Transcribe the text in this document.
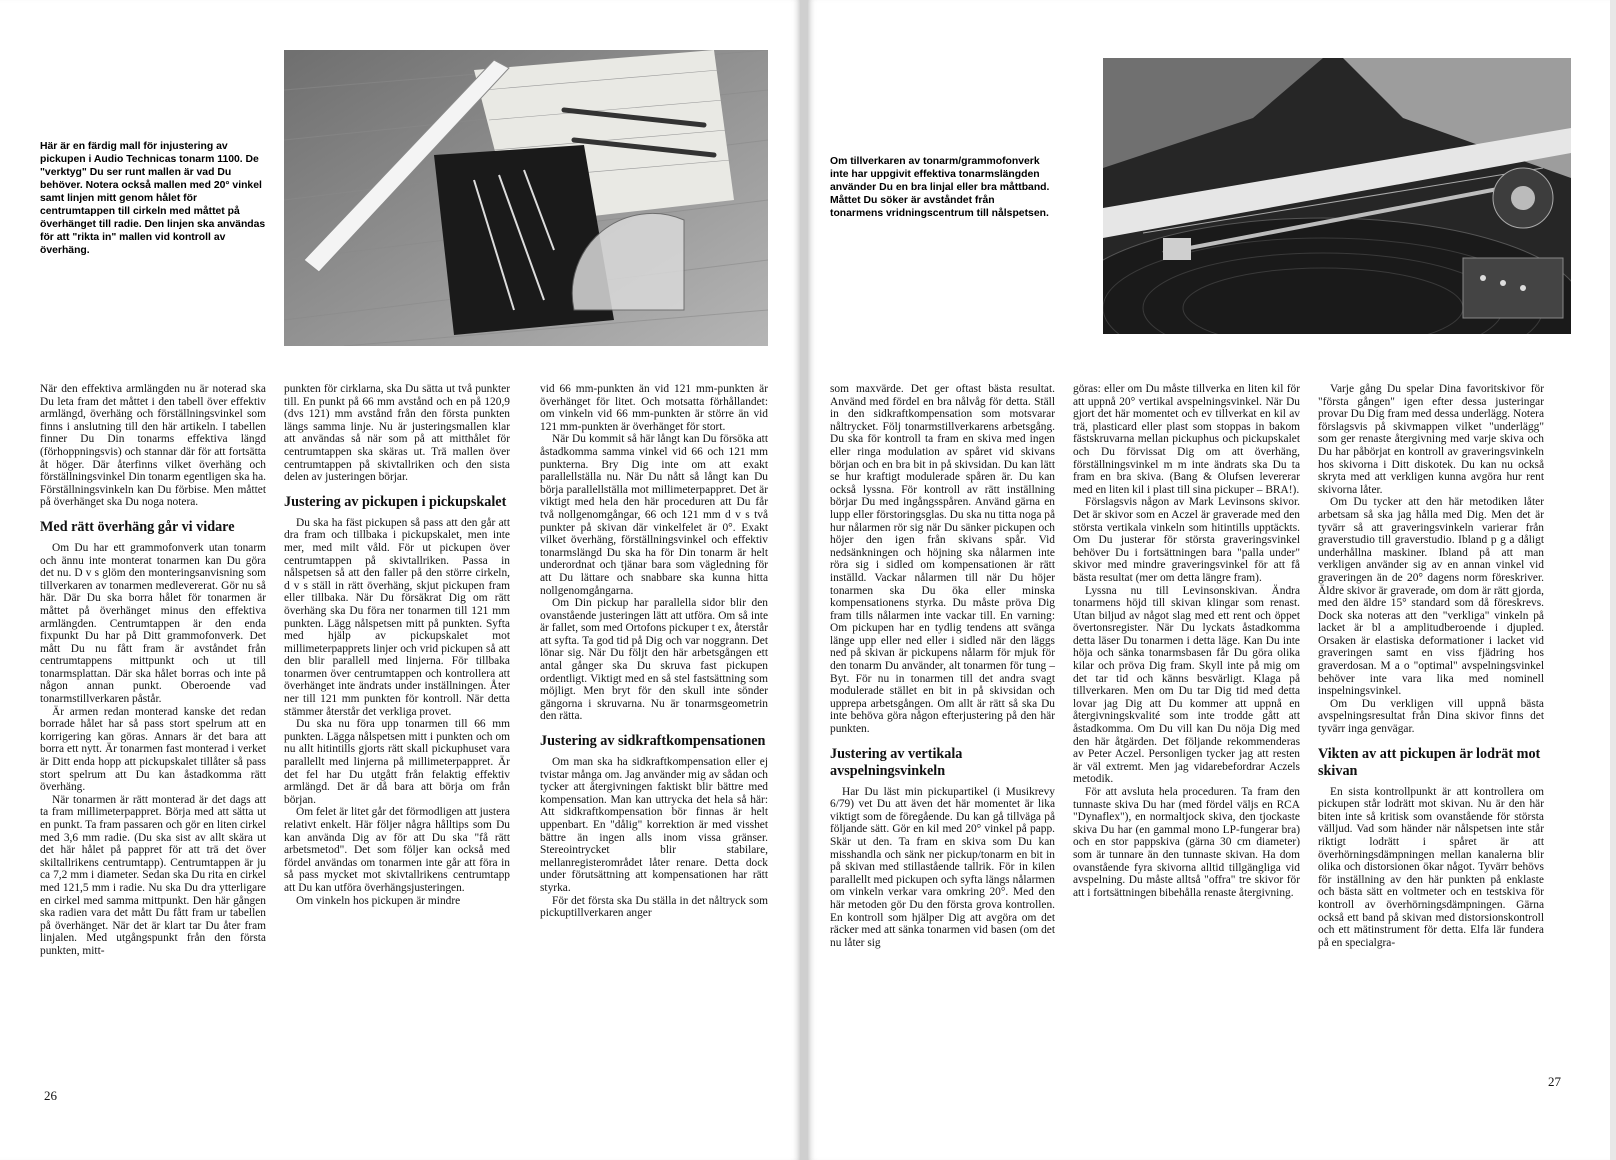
Här är en färdig mall för injustering av pickupen i Audio Technicas tonarm 1100. De "verktyg" Du ser runt mallen är vad Du behöver. Notera också mallen med 20° vinkel samt linjen mitt genom hålet för centrumtappen till cirkeln med måttet på överhänget till radie. Den linjen ska användas för att "rikta in" mallen vid kontroll av överhäng.

När den effektiva armlängden nu är noterad ska Du leta fram det måttet i den tabell över effektiv armlängd, överhäng och förställningsvinkel som finns i anslutning till den här artikeln. I tabellen finner Du Din tonarms effektiva längd (förhoppningsvis) och stannar där för att fortsätta åt höger. Där återfinns vilket överhäng och förställningsvinkel Din tonarm egentligen ska ha. Förställningsvinkeln kan Du förbise. Men måttet på överhänget ska Du noga notera.

Med rätt överhäng går vi vidare

Om Du har ett grammofonverk utan tonarm och ännu inte monterat tonarmen kan Du göra det nu. D v s glöm den monteringsanvisning som tillverkaren av tonarmen medlevererat. Gör nu så här. Där Du ska borra hålet för tonarmen är måttet på överhänget minus den effektiva armlängden. Centrumtappen är den enda fixpunkt Du har på Ditt grammofonverk. Det mått Du nu fått fram är avståndet från centrumtappens mittpunkt och ut till tonarmsplattan. Där ska hålet borras och inte på någon annan punkt. Oberoende vad tonarmstillverkaren påstår.

Är armen redan monterad kanske det redan borrade hålet har så pass stort spelrum att en korrigering kan göras. Annars är det bara att borra ett nytt. Är tonarmen fast monterad i verket är Ditt enda hopp att pickupskalet tillåter så pass stort spelrum att Du kan åstadkomma rätt överhäng.

När tonarmen är rätt monterad är det dags att ta fram millimeterpappret. Börja med att sätta ut en punkt. Ta fram passaren och gör en liten cirkel med 3,6 mm radie. (Du ska sist av allt skära ut det här hålet på pappret för att trä det över skiltallrikens centrumtapp). Centrumtappen är ju ca 7,2 mm i diameter. Sedan ska Du rita en cirkel med 121,5 mm i radie. Nu ska Du dra ytterligare en cirkel med samma mittpunkt. Den här gången ska radien vara det mått Du fått fram ur tabellen på överhänget. När det är klart tar Du åter fram linjalen. Med utgångspunkt från den första punkten, mitt-

punkten för cirklarna, ska Du sätta ut två punkter till. En punkt på 66 mm avstånd och en på 120,9 (dvs 121) mm avstånd från den första punkten längs samma linje. Nu är justeringsmallen klar att användas så när som på att mitthålet för centrumtappen ska skäras ut. Trä mallen över centrumtappen på skivtallriken och den sista delen av justeringen börjar.

Justering av pickupen i pickupskalet

Du ska ha fäst pickupen så pass att den går att dra fram och tillbaka i pickupskalet, men inte mer, med milt våld. För ut pickupen över centrumtappen på skivtallriken. Passa in nålspetsen så att den faller på den större cirkeln, d v s ställ in rätt överhäng, skjut pickupen fram eller tillbaka. När Du försäkrat Dig om rätt överhäng ska Du föra ner tonarmen till 121 mm punkten. Lägg nålspetsen mitt på punkten. Syfta med hjälp av pickupskalet mot millimeterpapprets linjer och vrid pickupen så att den blir parallell med linjerna. För tillbaka tonarmen över centrumtappen och kontrollera att överhänget inte ändrats under inställningen. Åter ner till 121 mm punkten för kontroll. När detta stämmer återstår det verkliga provet.

Du ska nu föra upp tonarmen till 66 mm punkten. Lägga nålspetsen mitt i punkten och om nu allt hitintills gjorts rätt skall pickuphuset vara parallellt med linjerna på millimeterpappret. Är det fel har Du utgått från felaktig effektiv armlängd. Det är då bara att börja om från början.

Om felet är litet går det förmodligen att justera relativt enkelt. Här följer några hålltips som Du kan använda Dig av för att Du ska "få rätt arbetsmetod". Det som följer kan också med fördel användas om tonarmen inte går att föra in så pass mycket mot skivtallrikens centrumtapp att Du kan utföra överhängsjusteringen.

Om vinkeln hos pickupen är mindre

vid 66 mm-punkten än vid 121 mm-punkten är överhänget för litet. Och motsatta förhållandet: om vinkeln vid 66 mm-punkten är större än vid 121 mm-punkten är överhänget för stort.

När Du kommit så här långt kan Du försöka att åstadkomma samma vinkel vid 66 och 121 mm punkterna. Bry Dig inte om att exakt parallellställa nu. När Du nått så långt kan Du börja parallellställa mot millimeterpappret. Det är viktigt med hela den här proceduren att Du får två nollgenomgångar, 66 och 121 mm d v s två punkter på skivan där vinkelfelet är 0°. Exakt vilket överhäng, förställningsvinkel och effektiv tonarmslängd Du ska ha för Din tonarm är helt underordnat och tjänar bara som vägledning för att Du lättare och snabbare ska kunna hitta nollgenomgångarna.

Om Din pickup har parallella sidor blir den ovanstående justeringen lätt att utföra. Om så inte är fallet, som med Ortofons pickuper t ex, återstår att syfta. Ta god tid på Dig och var noggrann. Det lönar sig. När Du följt den här arbetsgången ett antal gånger ska Du skruva fast pickupen ordentligt. Viktigt med en så stel fastsättning som möjligt. Men bryt för den skull inte sönder gängorna i skruvarna. Nu är tonarmsgeometrin den rätta.

Justering av sidkraftkompensationen

Om man ska ha sidkraftkompensation eller ej tvistar många om. Jag använder mig av sådan och tycker att återgivningen faktiskt blir bättre med kompensation. Man kan uttrycka det hela så här: Att sidkraftkompensation bör finnas är helt uppenbart. En "dålig" korrektion är med visshet bättre än ingen alls inom vissa gränser. Stereointrycket blir stabilare, mellanregisterområdet låter renare. Detta dock under förutsättning att kompensationen har rätt styrka.

För det första ska Du ställa in det nåltryck som pickuptillverkaren anger

26
Om tillverkaren av tonarm/grammofonverk inte har uppgivit effektiva tonarmslängden använder Du en bra linjal eller bra måttband. Måttet Du söker är avståndet från tonarmens vridningscentrum till nålspetsen.

som maxvärde. Det ger oftast bästa resultat. Använd med fördel en bra nålvåg för detta. Ställ in den sidkraftkompensation som motsvarar nåltrycket. Följ tonarmstillverkarens arbetsgång. Du ska för kontroll ta fram en skiva med ingen eller ringa modulation av spåret vid skivans början och en bra bit in på skivsidan. Du kan lätt se hur kraftigt modulerade spåren är. Du kan också lyssna. För kontroll av rätt inställning börjar Du med ingångsspåren. Använd gärna en lupp eller förstoringsglas. Du ska nu titta noga på hur nålarmen rör sig när Du sänker pickupen och höjer den igen från skivans spår. Vid nedsänkningen och höjning ska nålarmen inte röra sig i sidled om kompensationen är rätt inställd. Vackar nålarmen till när Du höjer tonarmen ska Du öka eller minska kompensationens styrka. Du måste pröva Dig fram tills nålarmen inte vackar till. En varning: Om pickupen har en tydlig tendens att svänga länge upp eller ned eller i sidled när den läggs ned på skivan är pickupens nålarm för mjuk för den tonarm Du använder, alt tonarmen för tung – Byt. För nu in tonarmen till det andra svagt modulerade stället en bit in på skivsidan och upprepa arbetsgången. Om allt är rätt så ska Du inte behöva göra någon efterjustering på den här punkten.

Justering av vertikala avspelningsvinkeln

Har Du läst min pickupartikel (i Musikrevy 6/79) vet Du att även det här momentet är lika viktigt som de föregående. Du kan gå tillväga på följande sätt. Gör en kil med 20° vinkel på papp. Skär ut den. Ta fram en skiva som Du kan misshandla och sänk ner pickup/tonarm en bit in på skivan med stillastående tallrik. För in kilen parallellt med pickupen och syfta längs nålarmen om vinkeln verkar vara omkring 20°. Med den här metoden gör Du den första grova kontrollen. En kontroll som hjälper Dig att avgöra om det räcker med att sänka tonarmen vid basen (om det nu låter sig

göras: eller om Du måste tillverka en liten kil för att uppnå 20° vertikal avspelningsvinkel. När Du gjort det här momentet och ev tillverkat en kil av trä, plasticard eller plast som stoppas in bakom fästskruvarna mellan pickuphus och pickupskalet och Du förvissat Dig om att överhäng, förställningsvinkel m m inte ändrats ska Du ta fram en bra skiva. (Bang & Olufsen levererar med en liten kil i plast till sina pickuper – BRA!).

Förslagsvis någon av Mark Levinsons skivor. Det är skivor som en Aczel är graverade med den största vertikala vinkeln som hitintills upptäckts. Om Du justerar för största graveringsvinkel behöver Du i fortsättningen bara "palla under" skivor med mindre graveringsvinkel för att få bästa resultat (mer om detta längre fram).

Lyssna nu till Levinsonskivan. Ändra tonarmens höjd till skivan klingar som renast. Utan biljud av något slag med ett rent och öppet övertonsregister. När Du lyckats åstadkomma detta läser Du tonarmen i detta läge. Kan Du inte höja och sänka tonarmsbasen får Du göra olika kilar och pröva Dig fram. Skyll inte på mig om det tar tid och känns besvärligt. Klaga på tillverkaren. Men om Du tar Dig tid med detta lovar jag Dig att Du kommer att uppnå en återgivningskvalité som inte trodde gått att åstadkomma. Om Du vill kan Du nöja Dig med den här åtgärden. Det följande rekommenderas av Peter Aczel. Personligen tycker jag att resten är väl extremt. Men jag vidarebefordrar Aczels metodik.

För att avsluta hela proceduren. Ta fram den tunnaste skiva Du har (med fördel väljs en RCA "Dynaflex"), en normaltjock skiva, den tjockaste skiva Du har (en gammal mono LP-fungerar bra) och en stor pappskiva (gärna 30 cm diameter) som är tunnare än den tunnaste skivan. Ha dom ovanstående fyra skivorna alltid tillgängliga vid avspelning. Du måste alltså "offra" tre skivor för att i fortsättningen bibehålla renaste återgivning.

Varje gång Du spelar Dina favoritskivor för "första gången" igen efter dessa justeringar provar Du Dig fram med dessa underlägg. Notera förslagsvis på skivmappen vilket "underlägg" som ger renaste återgivning med varje skiva och Du har påbörjat en kontroll av graveringsvinkeln hos skivorna i Ditt diskotek. Du kan nu också skryta med att verkligen kunna avgöra hur rent skivorna låter.

Om Du tycker att den här metodiken låter arbetsam så ska jag hålla med Dig. Men det är tyvärr så att graveringsvinkeln varierar från graverstudio till graverstudio. Ibland p g a dåligt underhållna maskiner. Ibland på att man verkligen använder sig av en annan vinkel vid graveringen än de 20° dagens norm föreskriver. Äldre skivor är graverade, om dom är rätt gjorda, med den äldre 15° standard som då föreskrevs. Dock ska noteras att den "verkliga" vinkeln på lacket är bl a amplitudberoende i djupled. Orsaken är elastiska deformationer i lacket vid graveringen samt en viss fjädring hos graverdosan. M a o "optimal" avspelningsvinkel behöver inte vara lika med nominell inspelningsvinkel.

Om Du verkligen vill uppnå bästa avspelningsresultat från Dina skivor finns det tyvärr inga genvägar.

Vikten av att pickupen är lodrät mot skivan

En sista kontrollpunkt är att kontrollera om pickupen står lodrätt mot skivan. Nu är den här biten inte så kritisk som ovanstående för största välljud. Vad som händer när nålspetsen inte står riktigt lodrätt i spåret är att överhörningsdämpningen mellan kanalerna blir olika och distorsionen ökar något. Tyvärr behövs för inställning av den här punkten på enklaste och bästa sätt en voltmeter och en testskiva för kontroll av överhörningsdämpningen. Gärna också ett band på skivan med distorsionskontroll och ett mätinstrument för detta. Elfa lär fundera på en specialgra-

27
